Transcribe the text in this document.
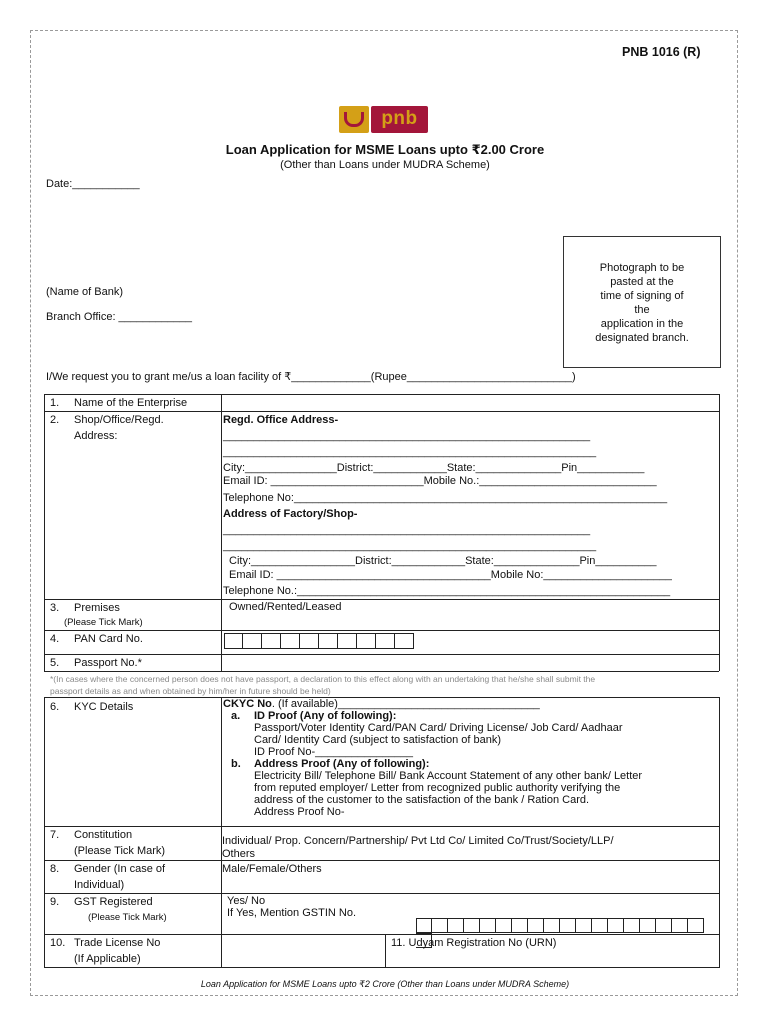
PNB 1016 (R)
pnb
Loan Application for MSME Loans upto ₹2.00 Crore
(Other than Loans under MUDRA Scheme)
Date:___________
Photograph to be
pasted at the
time of signing of
the
application in the
designated branch.
(Name of Bank)
Branch Office: ____________
I/We request you to grant me/us a loan facility of ₹_____________(Rupee___________________________)
1. Name of the Enterprise
2. Shop/Office/Regd.
Address:
Regd. Office Address-
____________________________________________________________
_____________________________________________________________
City:_______________District:____________State:______________Pin___________
Email ID: _________________________Mobile No.:_____________________________
Telephone No:_____________________________________________________________
Address of Factory/Shop-
____________________________________________________________
_____________________________________________________________
City:_________________District:____________State:______________Pin__________
Email ID: ___________________________________Mobile No:_____________________
Telephone No.:_____________________________________________________________
3. Premises
(Please Tick Mark)
Owned/Rented/Leased
4. PAN Card No.
5. Passport No.*
*(In cases where the concerned person does not have passport, a declaration to this effect along with an undertaking that he/she shall submit the
passport details as and when obtained by him/her in future should be held)
6. KYC Details	CKYC No. (If available)_________________________________
a. ID Proof (Any of following):
Passport/Voter Identity Card/PAN Card/ Driving License/ Job Card/ Aadhaar
Card/ Identity Card (subject to satisfaction of bank)
ID Proof No-________________
b. Address Proof (Any of following):
Electricity Bill/ Telephone Bill/ Bank Account Statement of any other bank/ Letter
from reputed employer/ Letter from recognized public authority verifying the
address of the customer to the satisfaction of the bank / Ration Card.
Address Proof No-
7. Constitution
(Please Tick Mark)
Individual/ Prop. Concern/Partnership/ Pvt Ltd Co/ Limited Co/Trust/Society/LLP/
Others
8. Gender (In case of
Individual)
Male/Female/Others
9. GST Registered
(Please Tick Mark)
Yes/ No
If Yes, Mention GSTIN No.
10. Trade License No
(If Applicable)
11. Udyam Registration No (URN)
Loan Application for MSME Loans upto ₹2 Crore (Other than Loans under MUDRA Scheme)
